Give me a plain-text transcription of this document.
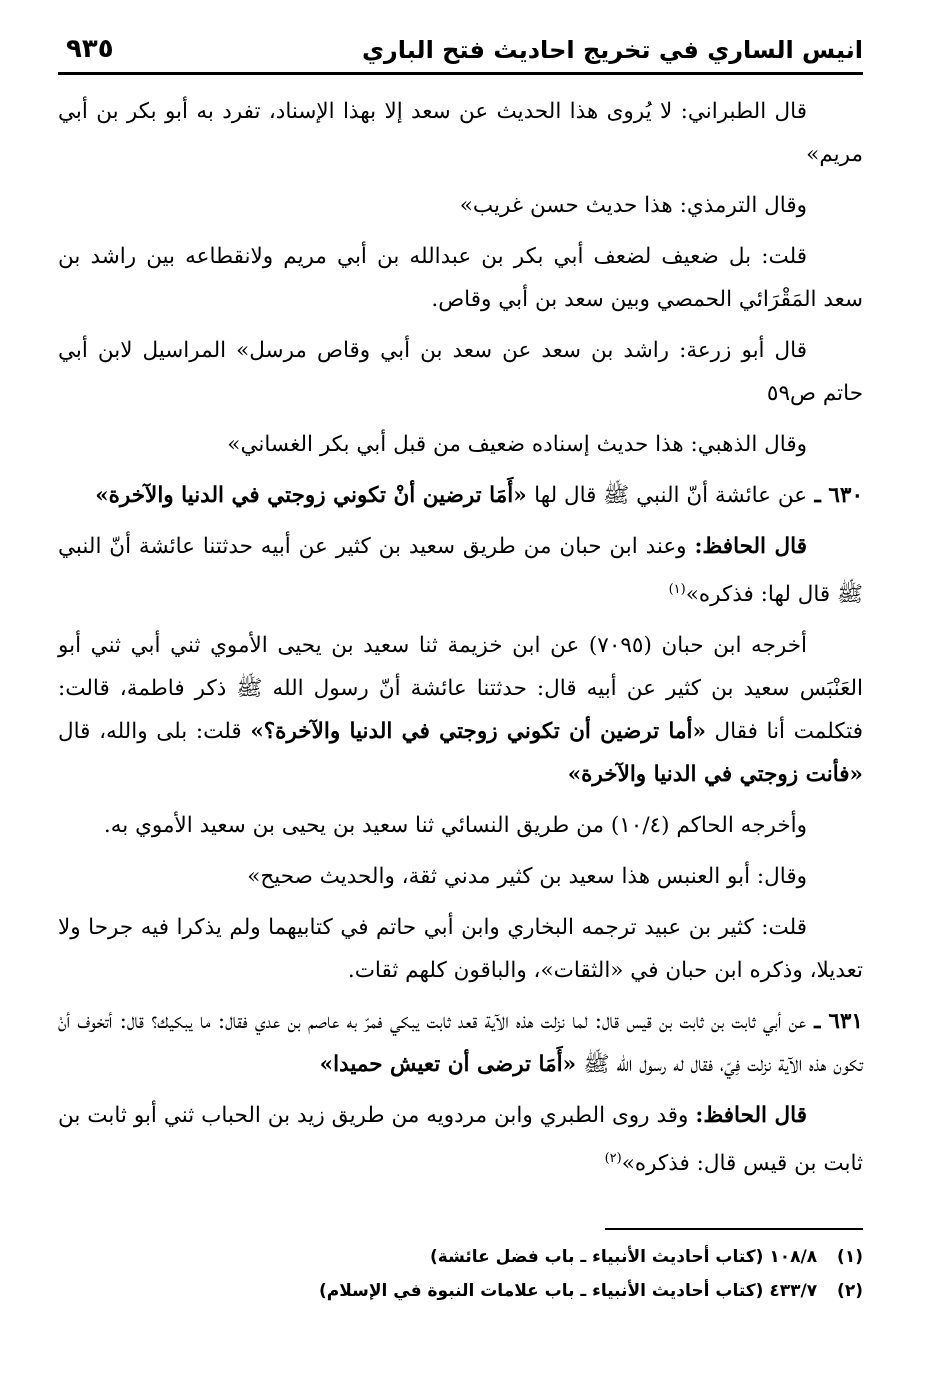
انيس الساري في تخريج احاديث فتح الباري
٩٣٥

قال الطبراني: لا يُروى هذا الحديث عن سعد إلا بهذا الإسناد، تفرد به أبو بكر بن أبي مريم»

وقال الترمذي: هذا حديث حسن غريب»

قلت: بل ضعيف لضعف أبي بكر بن عبدالله بن أبي مريم ولانقطاعه بين راشد بن سعد المَقْرَائي الحمصي وبين سعد بن أبي وقاص.

قال أبو زرعة: راشد بن سعد عن سعد بن أبي وقاص مرسل» المراسيل لابن أبي حاتم ص٥٩

وقال الذهبي: هذا حديث إسناده ضعيف من قبل أبي بكر الغساني»

٦٣٠ ـ عن عائشة أنّ النبي ﷺ قال لها «أَمَا ترضين أنْ تكوني زوجتي في الدنيا والآخرة»

قال الحافظ: وعند ابن حبان من طريق سعيد بن كثير عن أبيه حدثتنا عائشة أنّ النبي ﷺ قال لها: فذكره»$^{(١)}$

أخرجه ابن حبان (٧٠٩٥) عن ابن خزيمة ثنا سعيد بن يحيى الأموي ثني أبي ثني أبو العَنْبَس سعيد بن كثير عن أبيه قال: حدثتنا عائشة أنّ رسول الله ﷺ ذكر فاطمة، قالت: فتكلمت أنا فقال «أما ترضين أن تكوني زوجتي في الدنيا والآخرة؟» قلت: بلى والله، قال «فأنت زوجتي في الدنيا والآخرة»

وأخرجه الحاكم (١٠/٤) من طريق النسائي ثنا سعيد بن يحيى بن سعيد الأموي به.

وقال: أبو العنبس هذا سعيد بن كثير مدني ثقة، والحديث صحيح»

قلت: كثير بن عبيد ترجمه البخاري وابن أبي حاتم في كتابيهما ولم يذكرا فيه جرحا ولا تعديلا، وذكره ابن حبان في «الثقات»، والباقون كلهم ثقات.

٦٣١ ـ عن أبي ثابت بن ثابت بن قيس قال: لما نزلت هذه الآية قعد ثابت يبكي فمرّ به عاصم بن عدي فقال: ما يبكيك؟ قال: أتخوف أنْ تكون هذه الآية نزلت فِيّ، فقال له رسول الله ﷺ «أَمَا ترضى أن تعيش حميدا»

قال الحافظ: وقد روى الطبري وابن مردويه من طريق زيد بن الحباب ثني أبو ثابت بن ثابت بن قيس قال: فذكره»$^{(٢)}$

(١) ١٠٨/٨ (كتاب أحاديث الأنبياء ـ باب فضل عائشة)
(٢) ٤٣٣/٧ (كتاب أحاديث الأنبياء ـ باب علامات النبوة في الإسلام)
